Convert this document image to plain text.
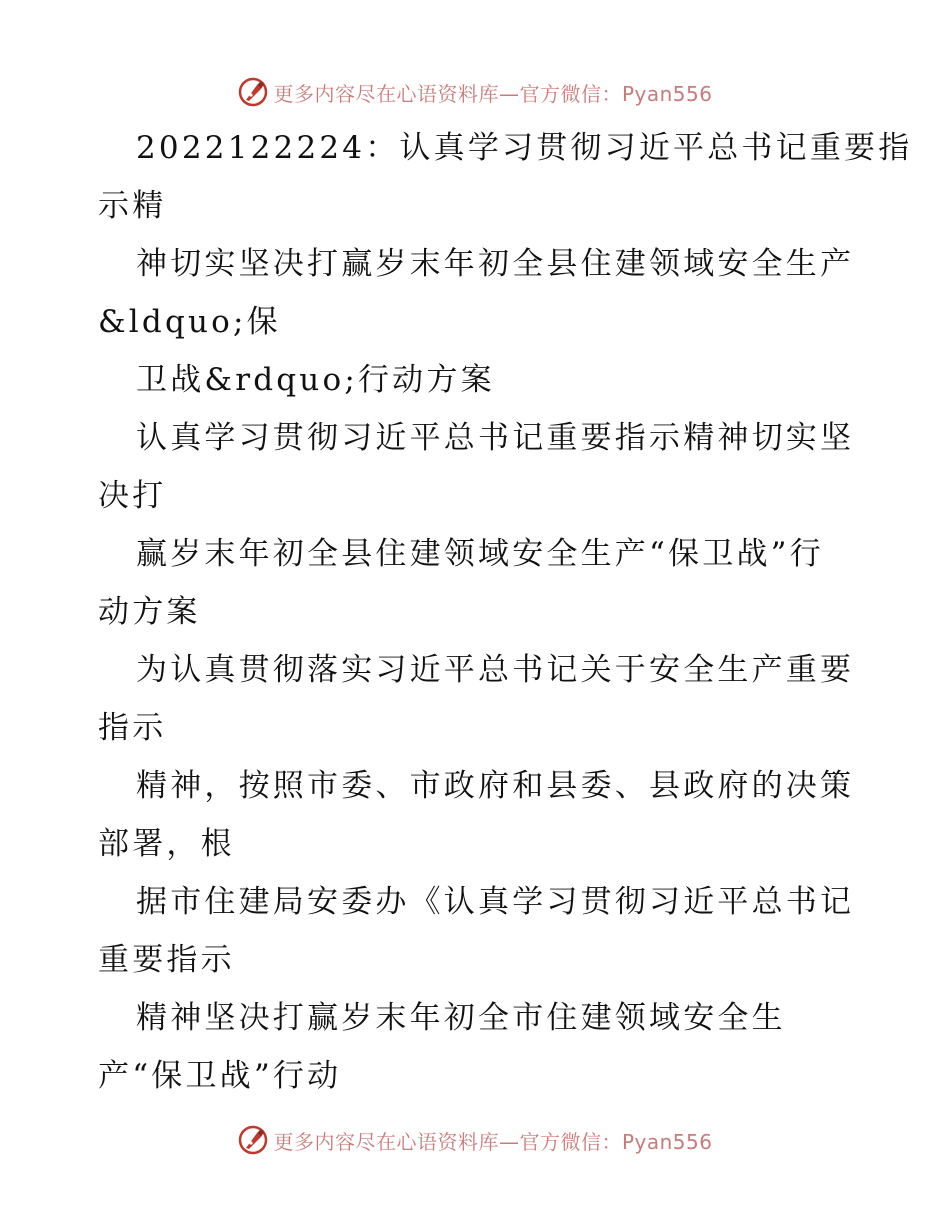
更多内容尽在心语资料库—官方微信：Pyan556
2022122224：认真学习贯彻习近平总书记重要指
示精
神切实坚决打赢岁末年初全县住建领域安全生产
&ldquo;保
卫战&rdquo;行动方案
认真学习贯彻习近平总书记重要指示精神切实坚
决打
赢岁末年初全县住建领域安全生产“保卫战”行
动方案
为认真贯彻落实习近平总书记关于安全生产重要
指示
精神，按照市委、市政府和县委、县政府的决策
部署，根
据市住建局安委办《认真学习贯彻习近平总书记
重要指示
精神坚决打赢岁末年初全市住建领域安全生
产“保卫战”行动
更多内容尽在心语资料库—官方微信：Pyan556
